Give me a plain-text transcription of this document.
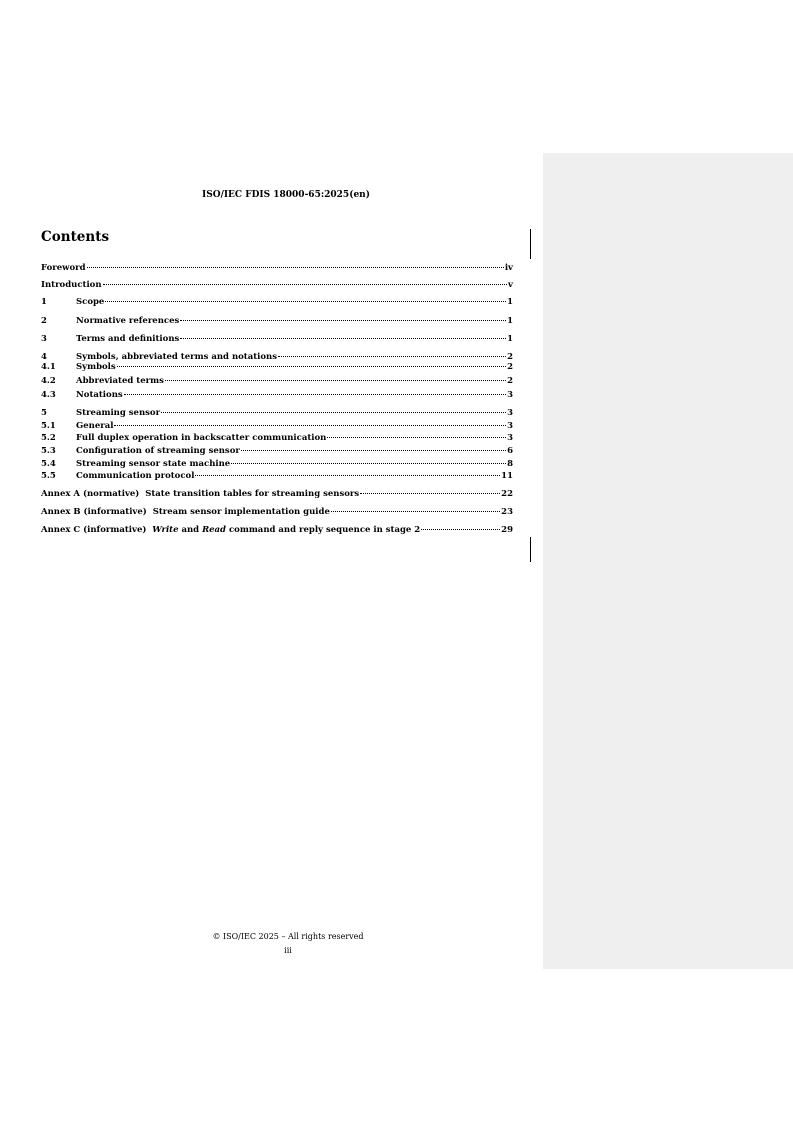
ISO/IEC FDIS 18000-65:2025(en)
Contents
Foreword	iv
Introduction	v
1	Scope	1
2	Normative references	1
3	Terms and definitions	1
4	Symbols, abbreviated terms and notations	2
4.1	Symbols	2
4.2	Abbreviated terms	2
4.3	Notations	3
5	Streaming sensor	3
5.1	General	3
5.2	Full duplex operation in backscatter communication	3
5.3	Configuration of streaming sensor	6
5.4	Streaming sensor state machine	8
5.5	Communication protocol	11
Annex A (normative)  State transition tables for streaming sensors	22
Annex B (informative)  Stream sensor implementation guide	23
Annex C (informative)  Write and Read command and reply sequence in stage 2	29
© ISO/IEC 2025 – All rights reserved
iii
